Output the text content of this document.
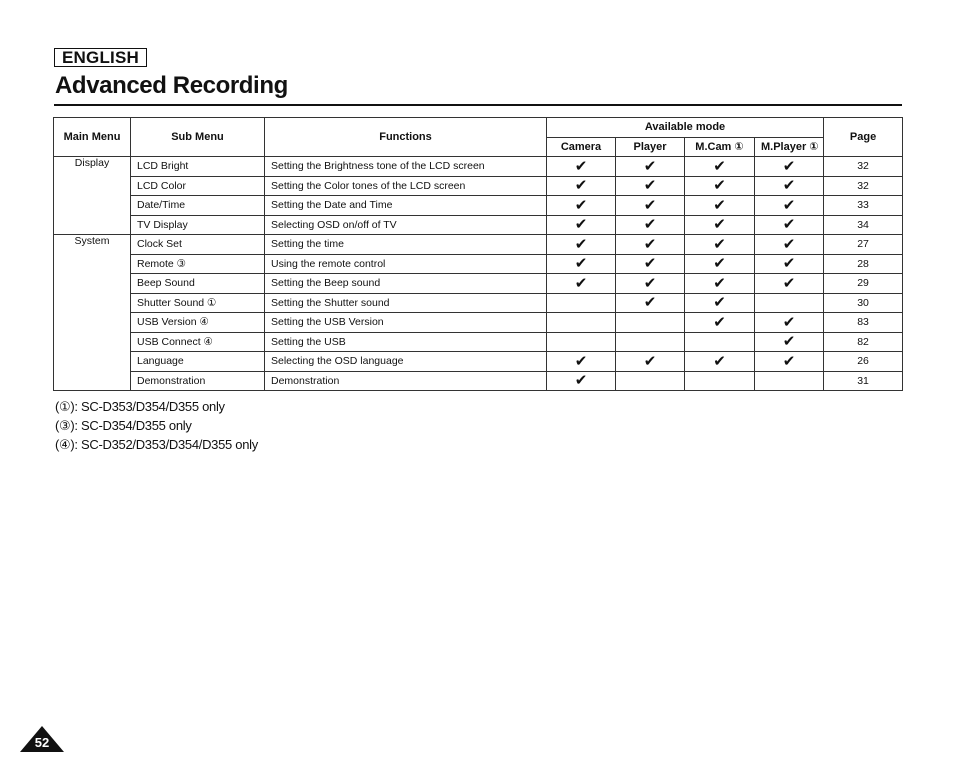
ENGLISH
Advanced Recording
Main Menu	Sub Menu	Functions	Available mode				Page
			Camera	Player	M.Cam ①	M.Player ①	
Display	LCD Bright	Setting the Brightness tone of the LCD screen	✔	✔	✔	✔	32
	LCD Color	Setting the Color tones of the LCD screen	✔	✔	✔	✔	32
	Date/Time	Setting the Date and Time	✔	✔	✔	✔	33
	TV Display	Selecting OSD on/off of TV	✔	✔	✔	✔	34
System	Clock Set	Setting the time	✔	✔	✔	✔	27
	Remote ③	Using the remote control	✔	✔	✔	✔	28
	Beep Sound	Setting the Beep sound	✔	✔	✔	✔	29
	Shutter Sound ①	Setting the Shutter sound		✔	✔		30
	USB Version ④	Setting the USB Version			✔	✔	83
	USB Connect ④	Setting the USB				✔	82
	Language	Selecting the OSD language	✔	✔	✔	✔	26
	Demonstration	Demonstration	✔				31
(①): SC-D353/D354/D355 only
(③): SC-D354/D355 only
(④): SC-D352/D353/D354/D355 only
52
